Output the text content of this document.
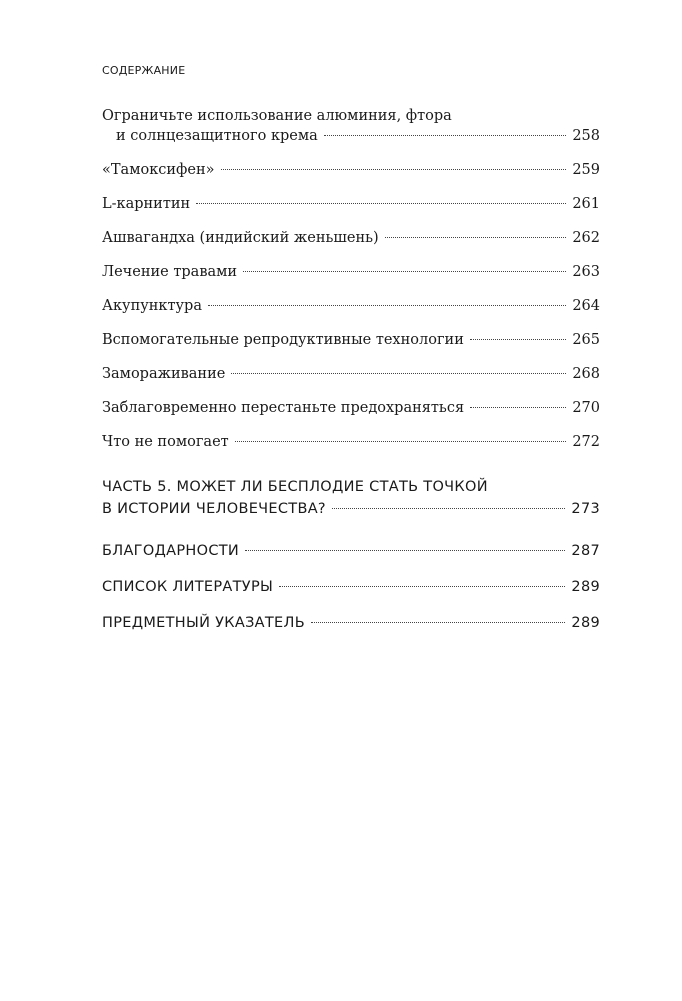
СОДЕРЖАНИЕ
Ограничьте использование алюминия, фтора
и солнцезащитного крема	258
«Тамоксифен»	259
L-карнитин	261
Ашвагандха (индийский женьшень)	262
Лечение травами	263
Акупунктура	264
Вспомогательные репродуктивные технологии	265
Замораживание	268
Заблаговременно перестаньте предохраняться	270
Что не помогает	272
ЧАСТЬ 5. МОЖЕТ ЛИ БЕСПЛОДИЕ СТАТЬ ТОЧКОЙ
В ИСТОРИИ ЧЕЛОВЕЧЕСТВА?	273
БЛАГОДАРНОСТИ	287
СПИСОК ЛИТЕРАТУРЫ	289
ПРЕДМЕТНЫЙ УКАЗАТЕЛЬ	289
